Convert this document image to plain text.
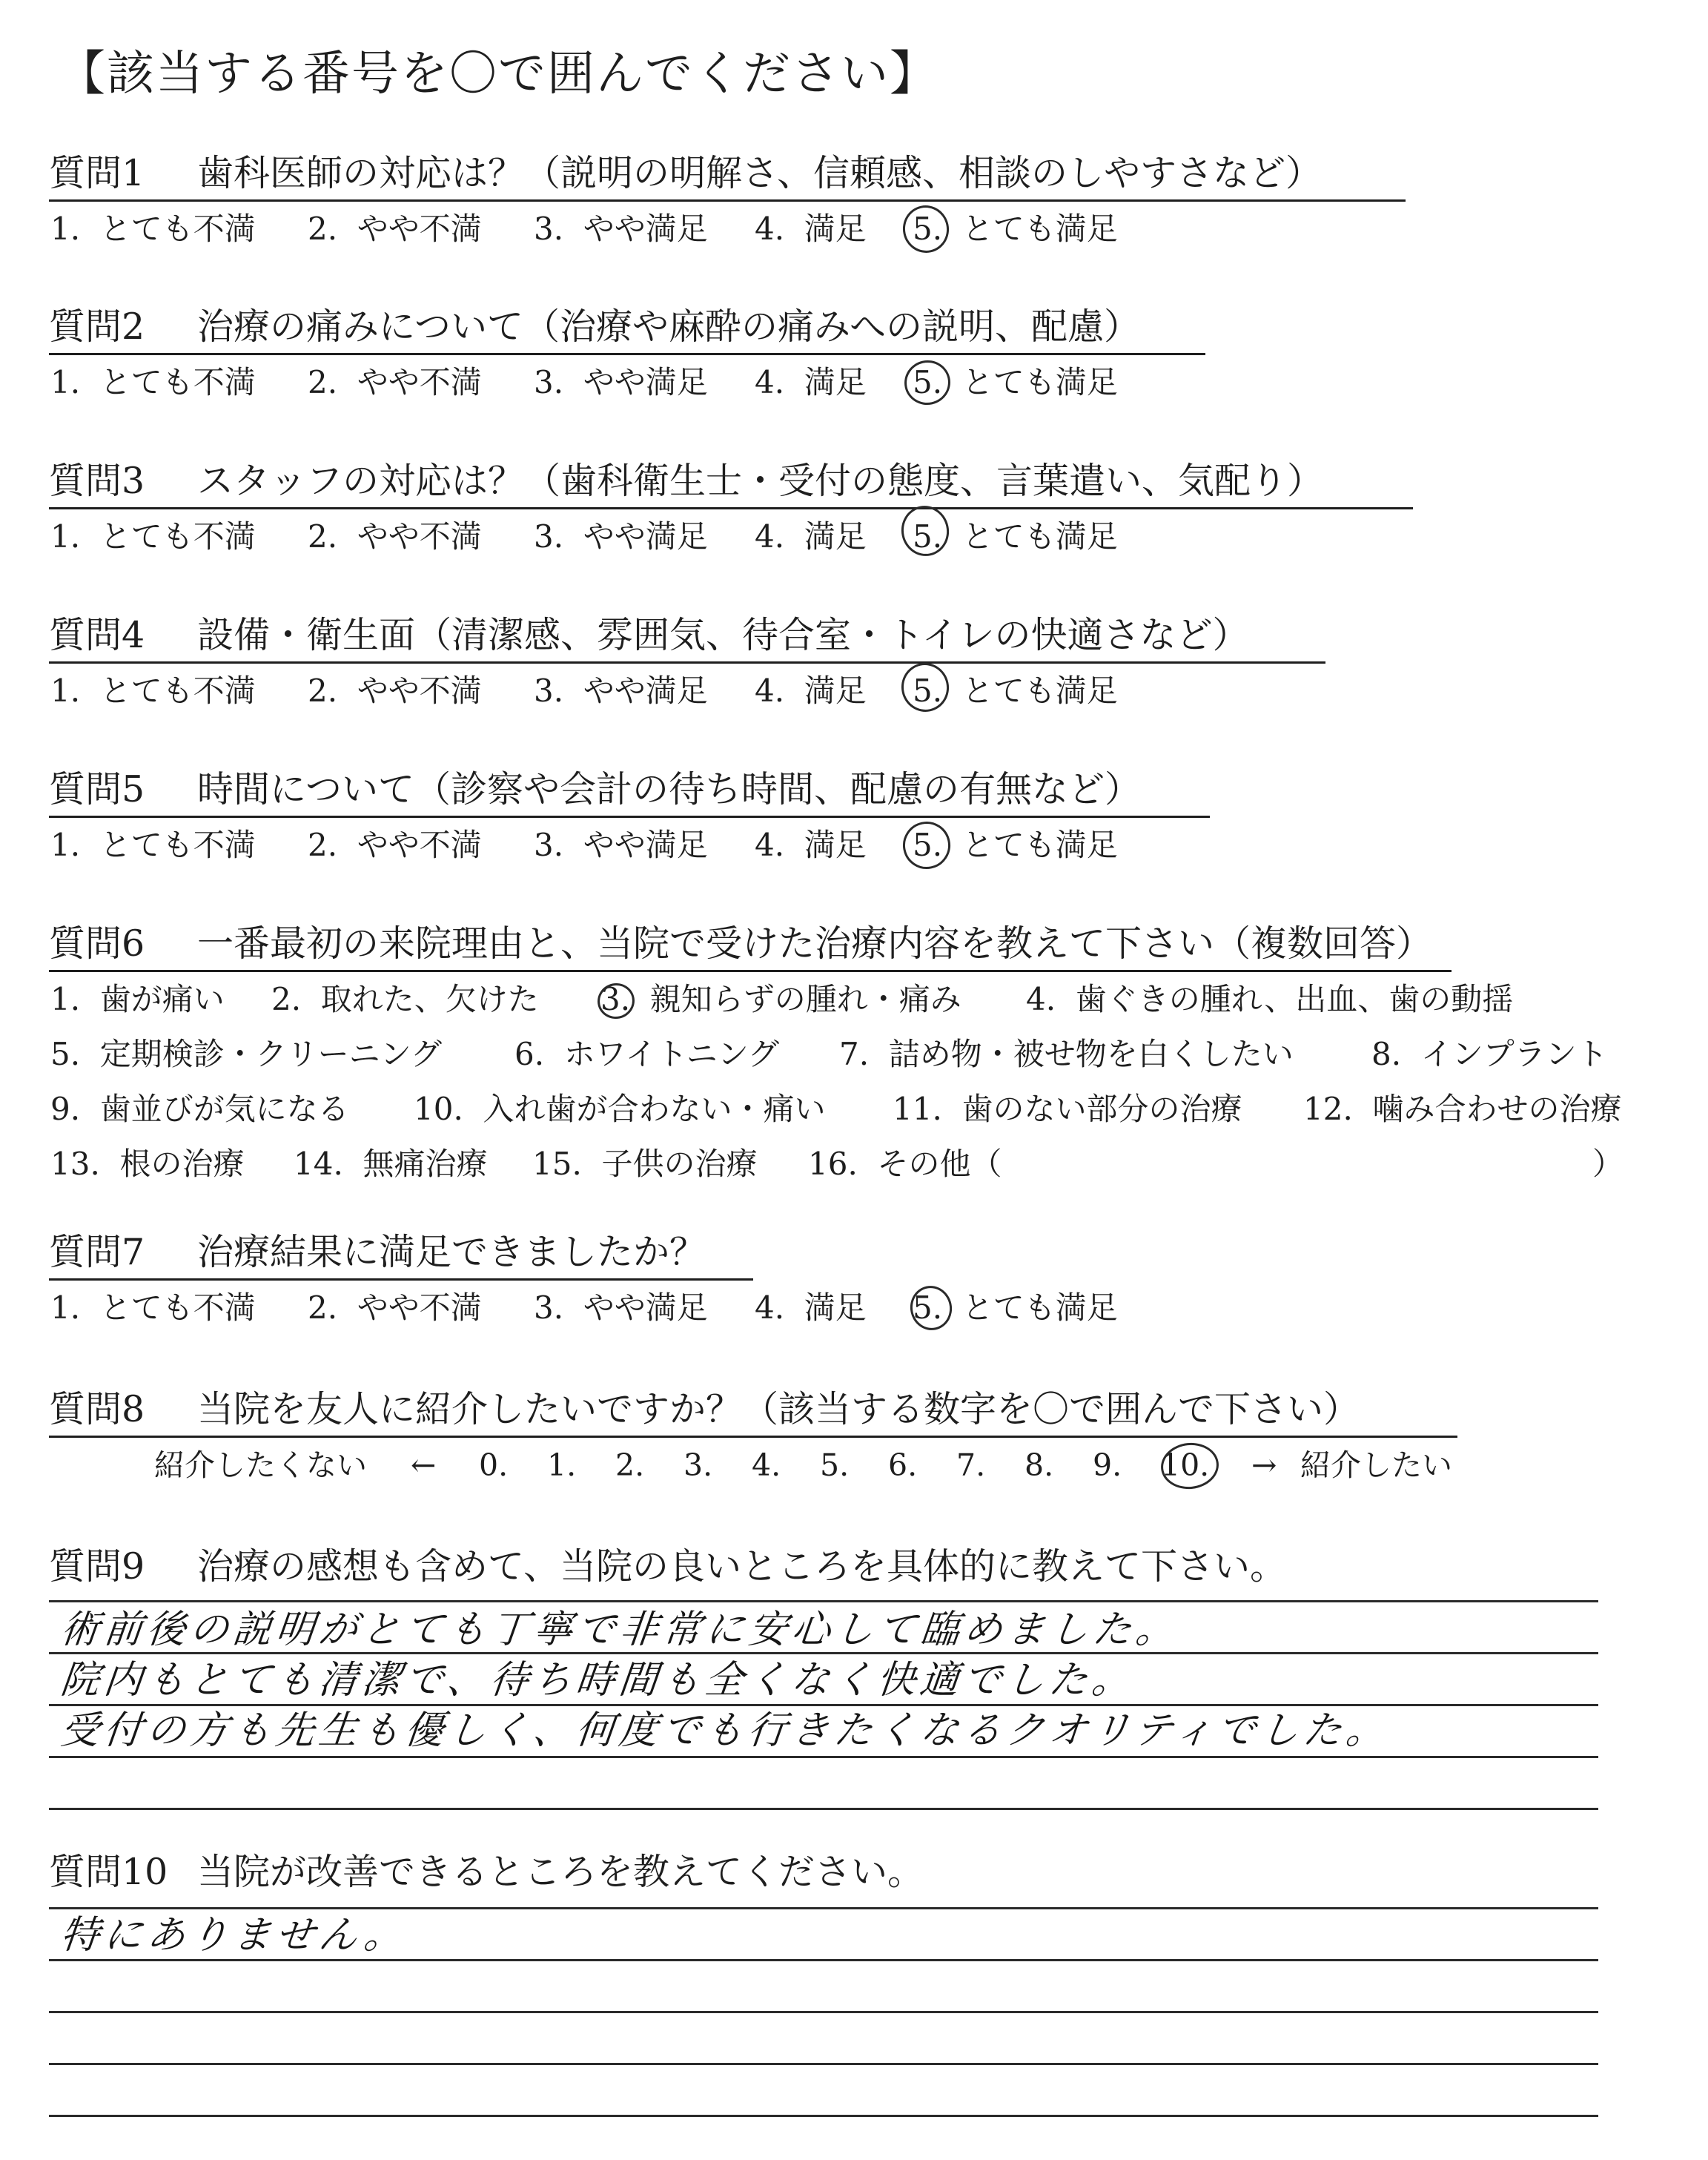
【該当する番号を〇で囲んでください】
質問1 歯科医師の対応は？（説明の明解さ、信頼感、相談のしやすさなど）
1. とても不満 2. やや不満 3. やや満足 4. 満足 5. とても満足
質問2 治療の痛みについて（治療や麻酔の痛みへの説明、配慮）
1. とても不満 2. やや不満 3. やや満足 4. 満足 5. とても満足
質問3 スタッフの対応は？（歯科衛生士・受付の態度、言葉遣い、気配り）
1. とても不満 2. やや不満 3. やや満足 4. 満足 5. とても満足
質問4 設備・衛生面（清潔感、雰囲気、待合室・トイレの快適さなど）
1. とても不満 2. やや不満 3. やや満足 4. 満足 5. とても満足
質問5 時間について（診察や会計の待ち時間、配慮の有無など）
1. とても不満 2. やや不満 3. やや満足 4. 満足 5. とても満足
質問6 一番最初の来院理由と、当院で受けた治療内容を教えて下さい（複数回答）
1. 歯が痛い 2. 取れた、欠けた 3. 親知らずの腫れ・痛み 4. 歯ぐきの腫れ、出血、歯の動揺
5. 定期検診・クリーニング 6. ホワイトニング 7. 詰め物・被せ物を白くしたい	8. インプラント
9. 歯並びが気になる 10. 入れ歯が合わない・痛い 11. 歯のない部分の治療 12. 噛み合わせの治療
13. 根の治療 14. 無痛治療 15. 子供の治療 16. その他（	）
質問7 治療結果に満足できましたか？
1. とても不満 2. やや不満 3. やや満足 4. 満足 5. とても満足
質問8 当院を友人に紹介したいですか？（該当する数字を〇で囲んで下さい）
紹介したくない ← 0. 1. 2. 3. 4. 5. 6. 7. 8. 9. 10. → 紹介したい
質問9 治療の感想も含めて、当院の良いところを具体的に教えて下さい。
術前後の説明がとても丁寧で非常に安心して臨めました。
院内もとても清潔で、待ち時間も全くなく快適でした。
受付の方も先生も優しく、何度でも行きたくなるクオリティでした。
質問10 当院が改善できるところを教えてください。
特にありません。
